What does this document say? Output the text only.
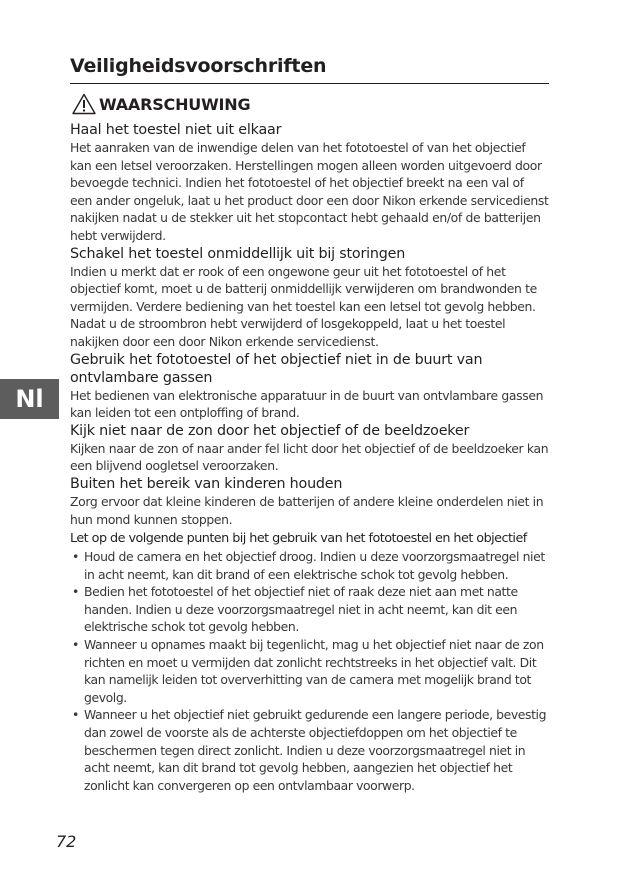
Veiligheidsvoorschriften
WAARSCHUWING
Haal het toestel niet uit elkaar
Het aanraken van de inwendige delen van het fototoestel of van het objectief kan een letsel veroorzaken. Herstellingen mogen alleen worden uitgevoerd door bevoegde technici. Indien het fototoestel of het objectief breekt na een val of een ander ongeluk, laat u het product door een door Nikon erkende servicedienst nakijken nadat u de stekker uit het stopcontact hebt gehaald en/of de batterijen hebt verwijderd.
Schakel het toestel onmiddellijk uit bij storingen
Indien u merkt dat er rook of een ongewone geur uit het fototoestel of het objectief komt, moet u de batterij onmiddellijk verwijderen om brandwonden te vermijden. Verdere bediening van het toestel kan een letsel tot gevolg hebben. Nadat u de stroombron hebt verwijderd of losgekoppeld, laat u het toestel nakijken door een door Nikon erkende servicedienst.
Gebruik het fototoestel of het objectief niet in de buurt van ontvlambare gassen
Het bedienen van elektronische apparatuur in de buurt van ontvlambare gassen kan leiden tot een ontploffing of brand.
Kijk niet naar de zon door het objectief of de beeldzoeker
Kijken naar de zon of naar ander fel licht door het objectief of de beeldzoeker kan een blijvend oogletsel veroorzaken.
Buiten het bereik van kinderen houden
Zorg ervoor dat kleine kinderen de batterijen of andere kleine onderdelen niet in hun mond kunnen stoppen.
Let op de volgende punten bij het gebruik van het fototoestel en het objectief
• Houd de camera en het objectief droog. Indien u deze voorzorgsmaatregel niet in acht neemt, kan dit brand of een elektrische schok tot gevolg hebben.
• Bedien het fototoestel of het objectief niet of raak deze niet aan met natte handen. Indien u deze voorzorgsmaatregel niet in acht neemt, kan dit een elektrische schok tot gevolg hebben.
• Wanneer u opnames maakt bij tegenlicht, mag u het objectief niet naar de zon richten en moet u vermijden dat zonlicht rechtstreeks in het objectief valt. Dit kan namelijk leiden tot oververhitting van de camera met mogelijk brand tot gevolg.
• Wanneer u het objectief niet gebruikt gedurende een langere periode, bevestig dan zowel de voorste als de achterste objectiefdoppen om het objectief te beschermen tegen direct zonlicht. Indien u deze voorzorgsmaatregel niet in acht neemt, kan dit brand tot gevolg hebben, aangezien het objectief het zonlicht kan convergeren op een ontvlambaar voorwerp.
Nl
72
